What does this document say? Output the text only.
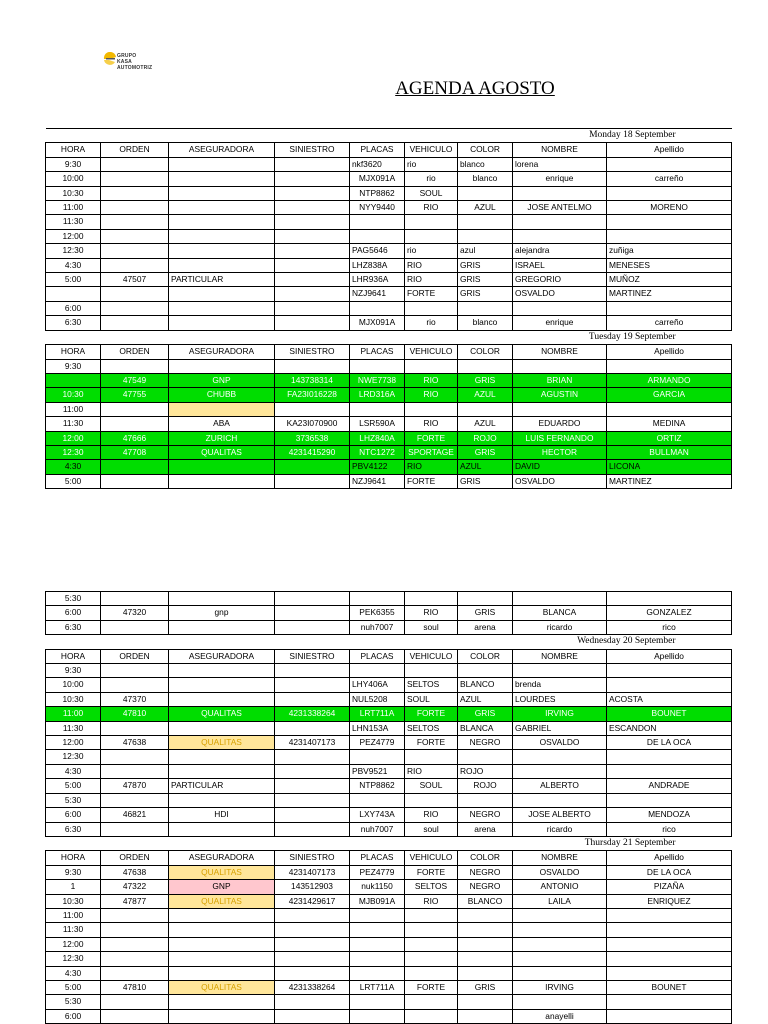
GRUPO
KASA
AUTOMOTRIZ
AGENDA AGOSTO
Monday 18 September								
HORA	ORDEN	ASEGURADORA	SINIESTRO	PLACAS	VEHICULO	COLOR	NOMBRE	Apellido
9:30				nkf3620	rio	blanco	lorena	
10:00				MJX091A	rio	blanco	enrique	carreño
10:30				NTP8862	SOUL			
11:00				NYY9440	RIO	AZUL	JOSE ANTELMO	MORENO
11:30								
12:00								
12:30				PAG5646	rio	azul	alejandra	zuñiga
4:30				LHZ838A	RIO	GRIS	ISRAEL	MENESES
5:00	47507	PARTICULAR		LHR936A	RIO	GRIS	GREGORIO	MUÑOZ
				NZJ9641	FORTE	GRIS	OSVALDO	MARTINEZ
6:00								
6:30				MJX091A	rio	blanco	enrique	carreño
Tuesday 19 September								
HORA	ORDEN	ASEGURADORA	SINIESTRO	PLACAS	VEHICULO	COLOR	NOMBRE	Apellido
9:30								
	47549	GNP	143738314	NWE7738	RIO	GRIS	BRIAN	ARMANDO
10:30	47755	CHUBB	FA23I016228	LRD316A	RIO	AZUL	AGUSTIN	GARCIA
11:00								
11:30		ABA	KA23I070900	LSR590A	RIO	AZUL	EDUARDO	MEDINA
12:00	47666	ZURICH	3736538	LHZ840A	FORTE	ROJO	LUIS FERNANDO	ORTIZ
12:30	47708	QUALITAS	4231415290	NTC1272	SPORTAGE	GRIS	HECTOR	BULLMAN
4:30				PBV4122	RIO	AZUL	DAVID	LICONA
5:00				NZJ9641	FORTE	GRIS	OSVALDO	MARTINEZ
5:30								
6:00	47320	gnp		PEK6355	RIO	GRIS	BLANCA	GONZALEZ
6:30				nuh7007	soul	arena	ricardo	rico
Wednesday 20 September								
HORA	ORDEN	ASEGURADORA	SINIESTRO	PLACAS	VEHICULO	COLOR	NOMBRE	Apellido
9:30								
10:00				LHY406A	SELTOS	BLANCO	brenda	
10:30	47370			NUL5208	SOUL	AZUL	LOURDES	ACOSTA
11:00	47810	QUALITAS	4231338264	LRT711A	FORTE	GRIS	IRVING	BOUNET
11:30				LHN153A	SELTOS	BLANCA	GABRIEL	ESCANDON
12:00	47638	QUALITAS	4231407173	PEZ4779	FORTE	NEGRO	OSVALDO	DE LA OCA
12:30								
4:30				PBV9521	RIO	ROJO		
5:00	47870	PARTICULAR		NTP8862	SOUL	ROJO	ALBERTO	ANDRADE
5:30								
6:00	46821	HDI		LXY743A	RIO	NEGRO	JOSE ALBERTO	MENDOZA
6:30				nuh7007	soul	arena	ricardo	rico
Thursday 21 September								
HORA	ORDEN	ASEGURADORA	SINIESTRO	PLACAS	VEHICULO	COLOR	NOMBRE	Apellido
9:30	47638	QUALITAS	4231407173	PEZ4779	FORTE	NEGRO	OSVALDO	DE LA OCA
1	47322	GNP	143512903	nuk1150	SELTOS	NEGRO	ANTONIO	PIZAÑA
10:30	47877	QUALITAS	4231429617	MJB091A	RIO	BLANCO	LAILA	ENRIQUEZ
11:00								
11:30								
12:00								
12:30								
4:30								
5:00	47810	QUALITAS	4231338264	LRT711A	FORTE	GRIS	IRVING	BOUNET
5:30								
6:00							anayelli	
